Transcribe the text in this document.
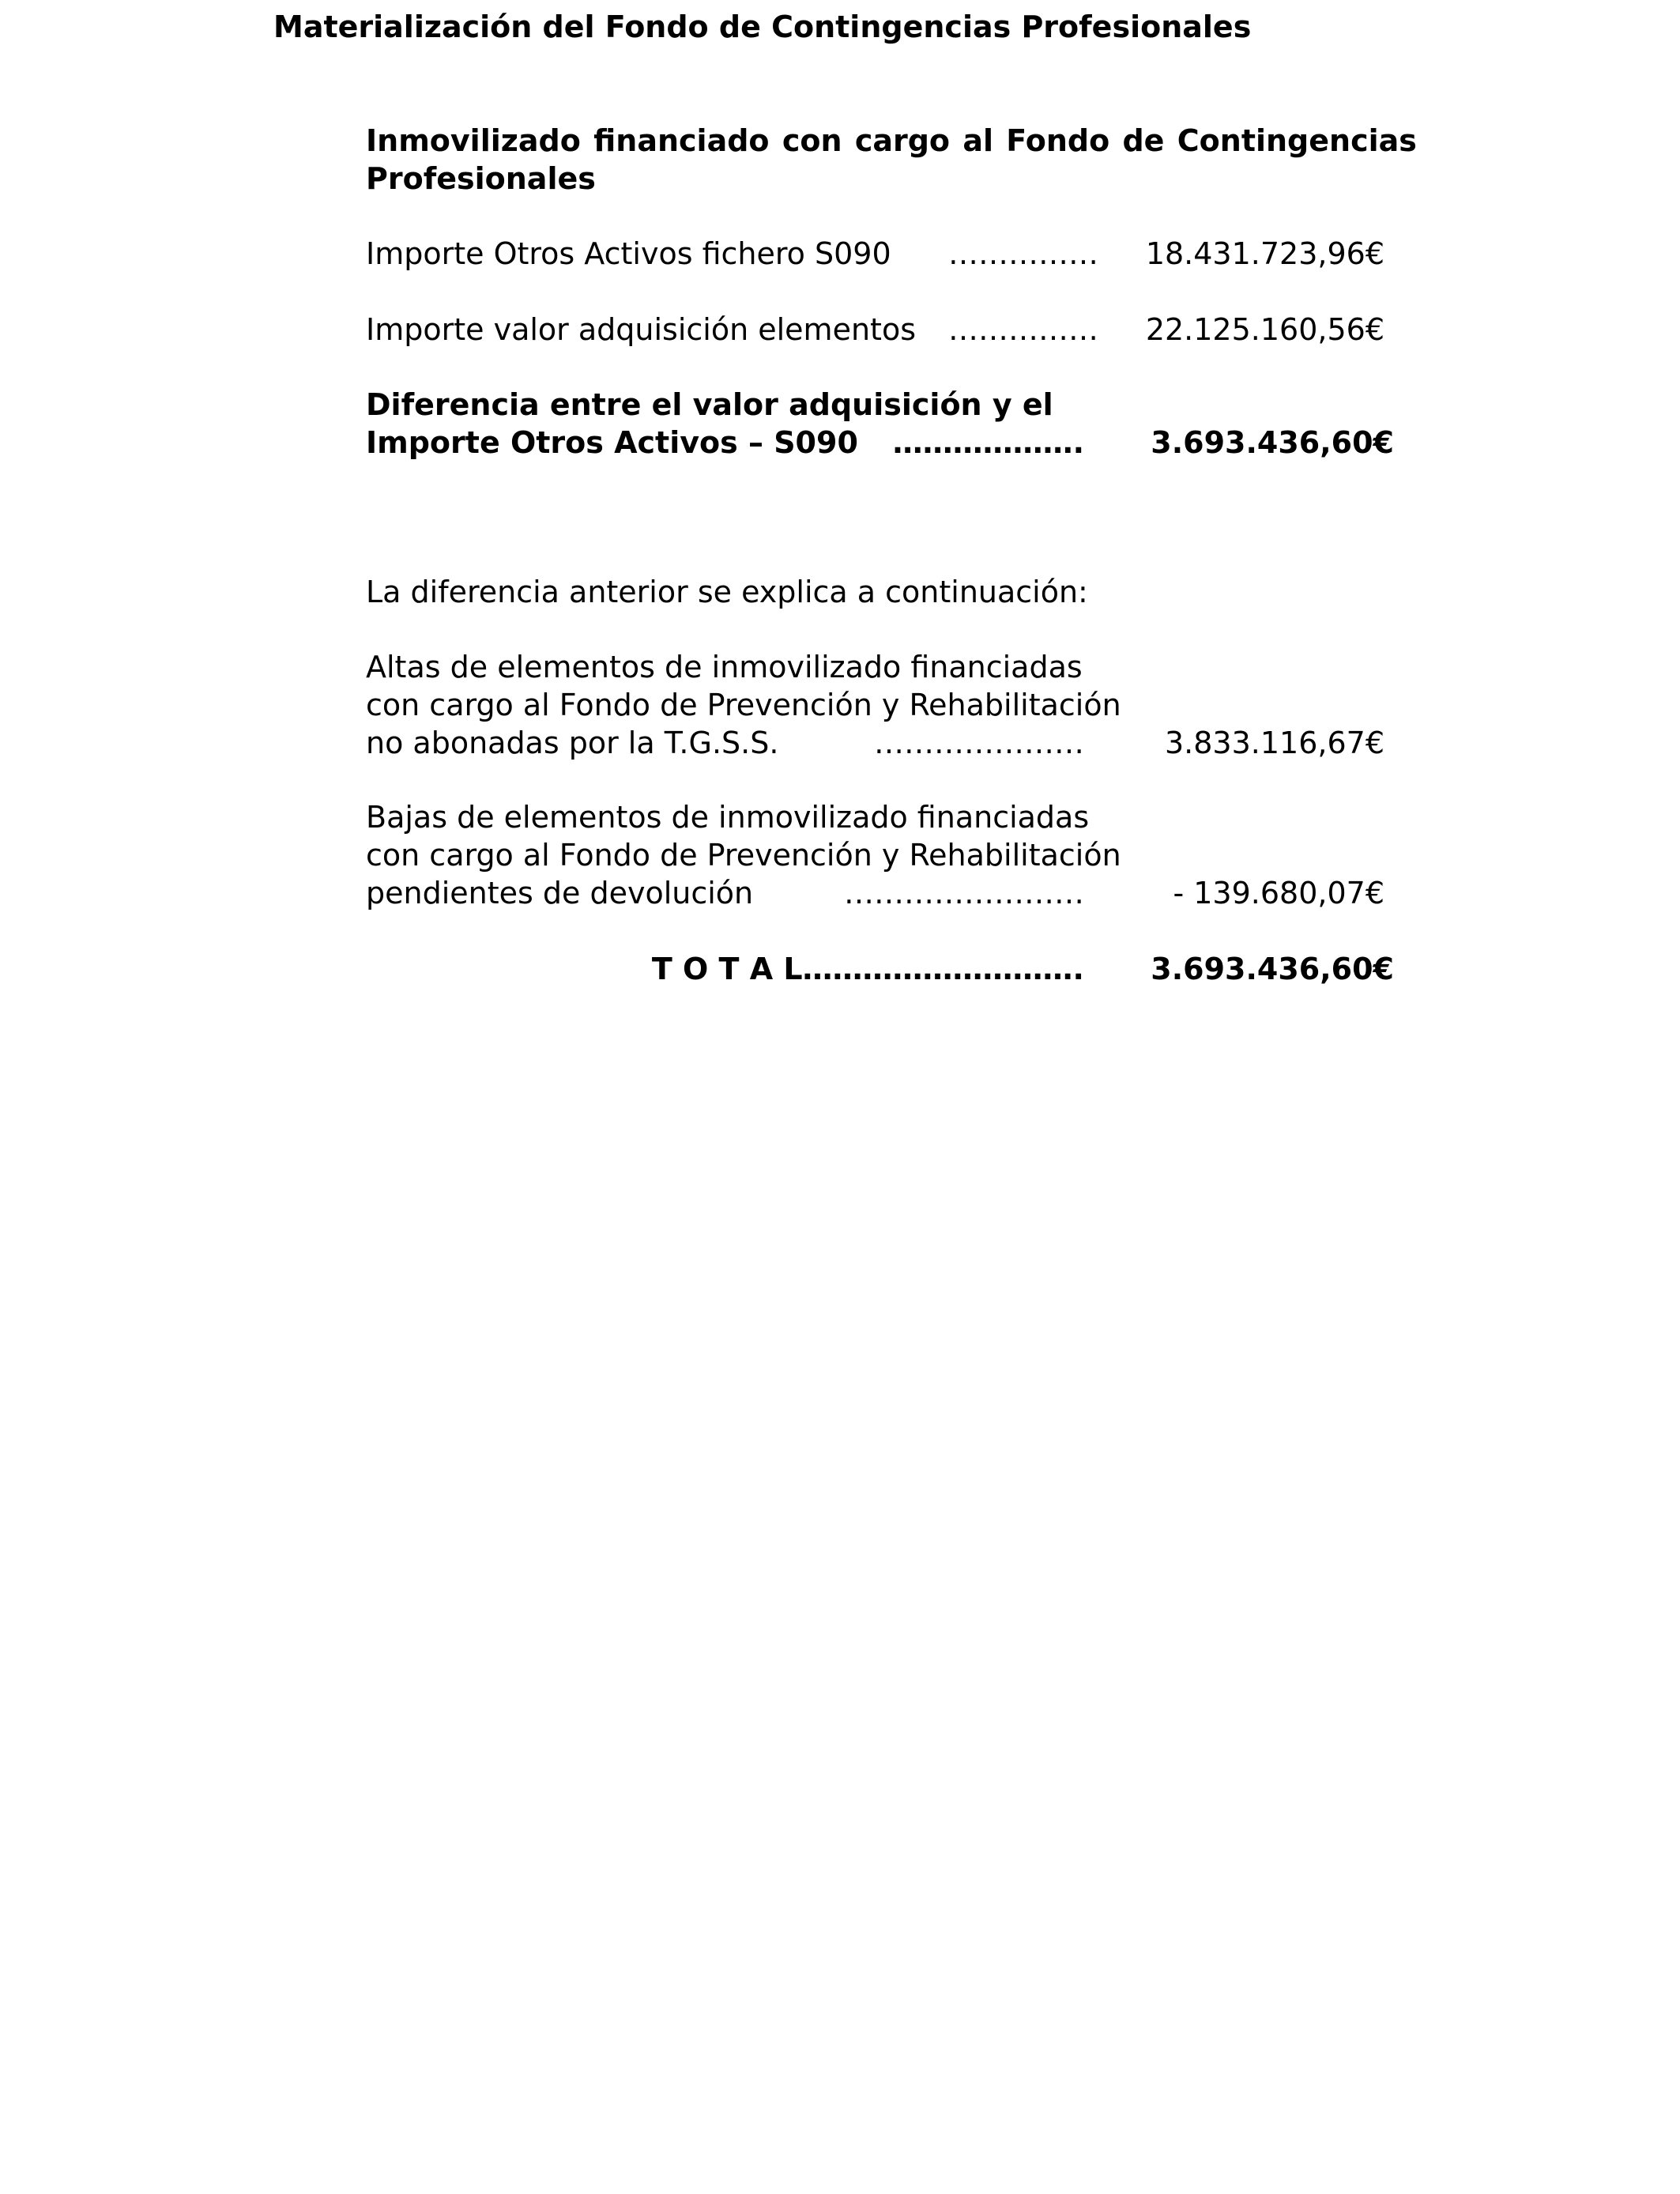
Materialización del Fondo de Contingencias Profesionales
Inmovilizado financiado con cargo al Fondo de Contingencias
Profesionales
Importe Otros Activos fichero S090 ……………	18.431.723,96€
Importe valor adquisición elementos ……………	22.125.160,56€
Diferencia entre el valor adquisición y el
Importe Otros Activos – S090	……………….	3.693.436,60€
La diferencia anterior se explica a continuación:
Altas de elementos de inmovilizado financiadas
con cargo al Fondo de Prevención y Rehabilitación
no abonadas por la T.G.S.S.	…………………	3.833.116,67€
Bajas de elementos de inmovilizado financiadas
con cargo al Fondo de Prevención y Rehabilitación
pendientes de devolución	……………………	- 139.680,07€
T O T A L……………………….	3.693.436,60€
